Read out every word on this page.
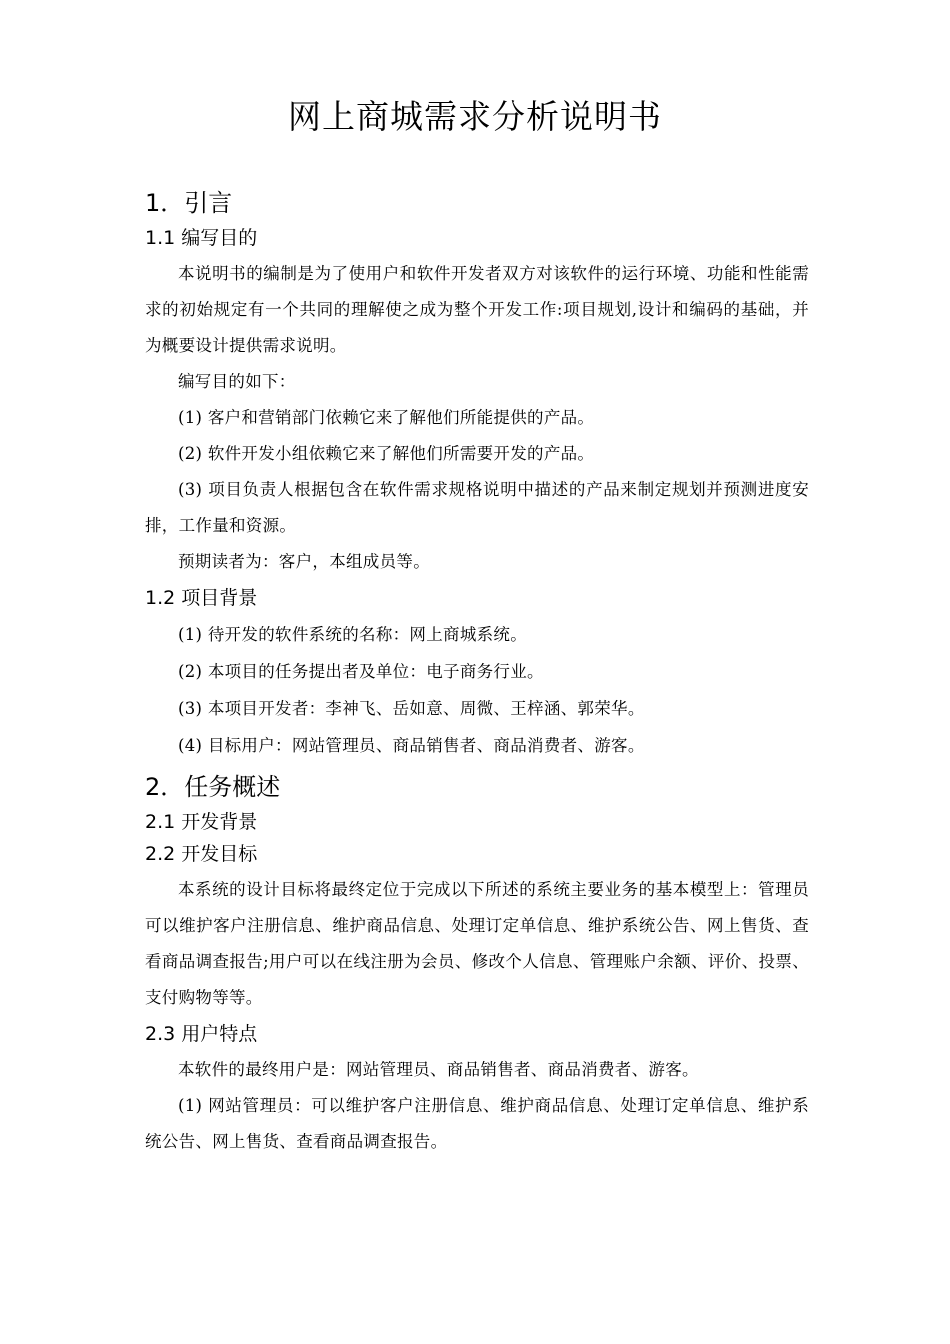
网上商城需求分析说明书
1．引言
1.1 编写目的

本说明书的编制是为了使用户和软件开发者双方对该软件的运行环境、功能和性能需求的初始规定有一个共同的理解使之成为整个开发工作:项目规划,设计和编码的基础，并为概要设计提供需求说明。

编写目的如下：

(1) 客户和营销部门依赖它来了解他们所能提供的产品。

(2) 软件开发小组依赖它来了解他们所需要开发的产品。

(3) 项目负责人根据包含在软件需求规格说明中描述的产品来制定规划并预测进度安排，工作量和资源。

预期读者为：客户，本组成员等。

1.2 项目背景

(1) 待开发的软件系统的名称：网上商城系统。

(2) 本项目的任务提出者及单位：电子商务行业。

(3) 本项目开发者：李神飞、岳如意、周微、王梓涵、郭荣华。

(4) 目标用户：网站管理员、商品销售者、商品消费者、游客。

2．任务概述
2.1 开发背景
2.2 开发目标

本系统的设计目标将最终定位于完成以下所述的系统主要业务的基本模型上：管理员可以维护客户注册信息、维护商品信息、处理订定单信息、维护系统公告、网上售货、查看商品调查报告;用户可以在线注册为会员、修改个人信息、管理账户余额、评价、投票、支付购物等等。

2.3 用户特点

本软件的最终用户是：网站管理员、商品销售者、商品消费者、游客。

(1) 网站管理员：可以维护客户注册信息、维护商品信息、处理订定单信息、维护系统公告、网上售货、查看商品调查报告。
